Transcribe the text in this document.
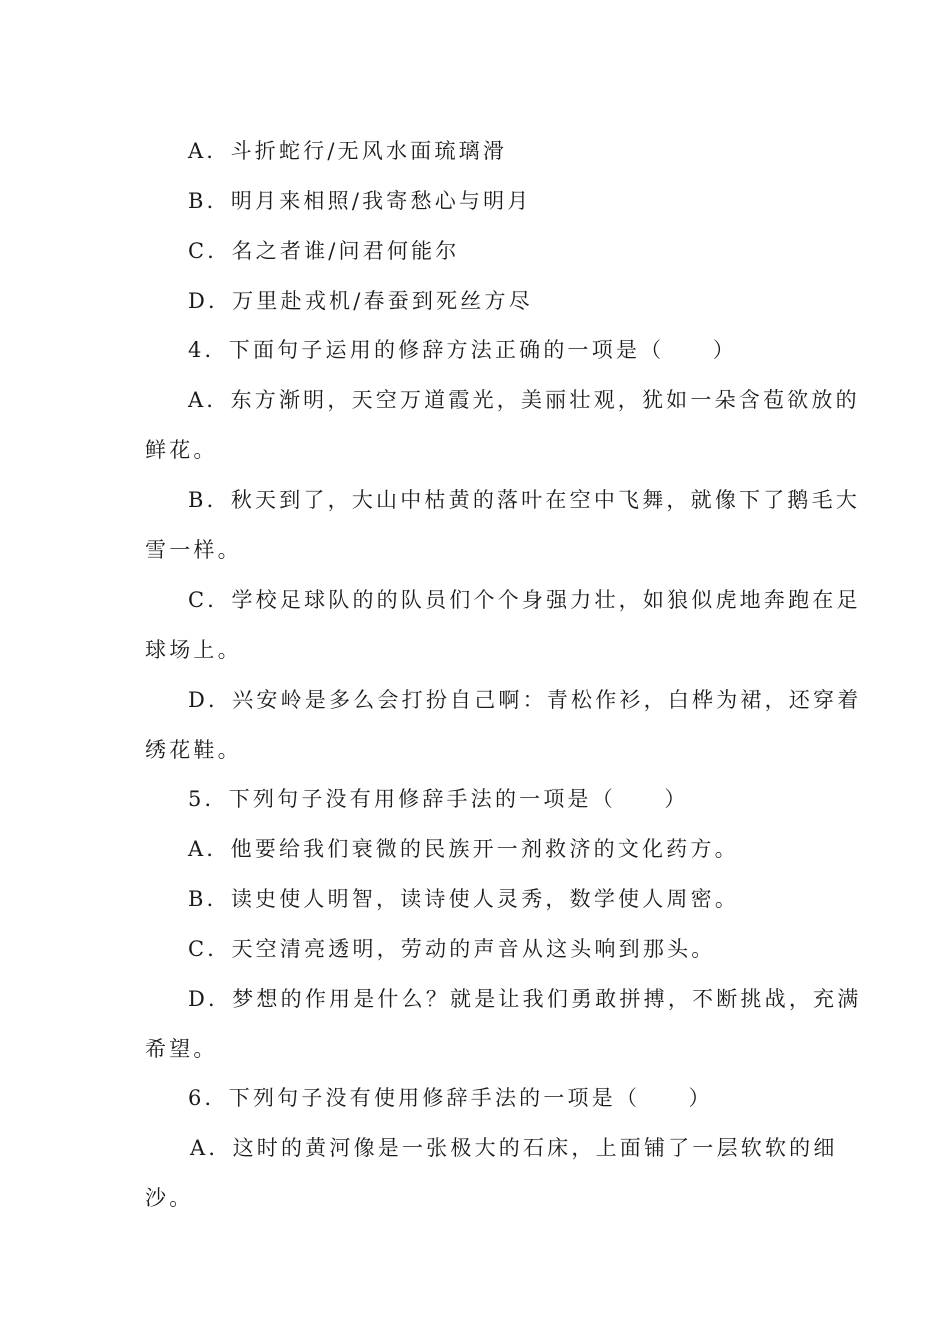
A．斗折蛇行/无风水面琉璃滑
B．明月来相照/我寄愁心与明月
C．名之者谁/问君何能尔
D．万里赴戎机/春蚕到死丝方尽
4．下面句子运用的修辞方法正确的一项是（　　）
A．东方渐明，天空万道霞光，美丽壮观，犹如一朵含苞欲放的
鲜花。
B．秋天到了，大山中枯黄的落叶在空中飞舞，就像下了鹅毛大
雪一样。
C．学校足球队的的队员们个个身强力壮，如狼似虎地奔跑在足
球场上。
D．兴安岭是多么会打扮自己啊：青松作衫，白桦为裙，还穿着
绣花鞋。
5．下列句子没有用修辞手法的一项是（　　）
A．他要给我们衰微的民族开一剂救济的文化药方。
B．读史使人明智，读诗使人灵秀，数学使人周密。
C．天空清亮透明，劳动的声音从这头响到那头。
D．梦想的作用是什么？就是让我们勇敢拼搏，不断挑战，充满
希望。
6．下列句子没有使用修辞手法的一项是（　　）
A．这时的黄河像是一张极大的石床，上面铺了一层软软的细
沙。
